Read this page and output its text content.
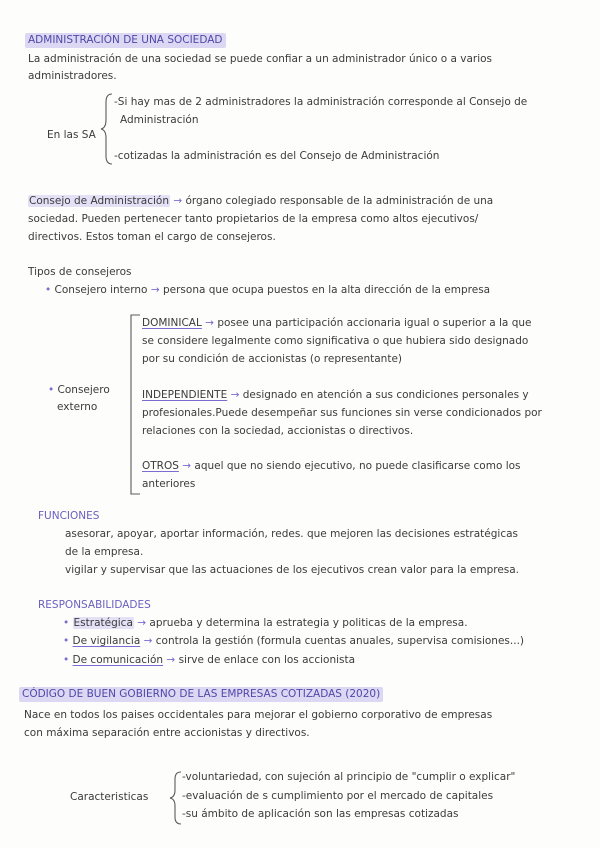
ADMINISTRACIÓN DE UNA SOCIEDAD
La administración de una sociedad se puede confiar a un administrador único o a varios
administradores.
En las SA
-Si hay mas de 2 administradores la administración corresponde al Consejo de
Administración
-cotizadas la administración es del Consejo de Administración
Consejo de Administración → órgano colegiado responsable de la administración de una
sociedad. Pueden pertenecer tanto propietarios de la empresa como altos ejecutivos/
directivos. Estos toman el cargo de consejeros.
Tipos de consejeros
• Consejero interno → persona que ocupa puestos en la alta dirección de la empresa
• Consejero
externo
DOMINICAL → posee una participación accionaria igual o superior a la que
se considere legalmente como significativa o que hubiera sido designado
por su condición de accionistas (o representante)
INDEPENDIENTE → designado en atención a sus condiciones personales y
profesionales.Puede desempeñar sus funciones sin verse condicionados por
relaciones con la sociedad, accionistas o directivos.
OTROS → aquel que no siendo ejecutivo, no puede clasificarse como los
anteriores
FUNCIONES
asesorar, apoyar, aportar información, redes. que mejoren las decisiones estratégicas
de la empresa.
vigilar y supervisar que las actuaciones de los ejecutivos crean valor para la empresa.
RESPONSABILIDADES
• Estratégica → aprueba y determina la estrategia y politicas de la empresa.
• De vigilancia → controla la gestión (formula cuentas anuales, supervisa comisiones...)
• De comunicación → sirve de enlace con los accionista
CÓDIGO DE BUEN GOBIERNO DE LAS EMPRESAS COTIZADAS (2020)
Nace en todos los paises occidentales para mejorar el gobierno corporativo de empresas
con máxima separación entre accionistas y directivos.
Caracteristicas
-voluntariedad, con sujeción al principio de "cumplir o explicar"
-evaluación de s cumplimiento por el mercado de capitales
-su ámbito de aplicación son las empresas cotizadas
